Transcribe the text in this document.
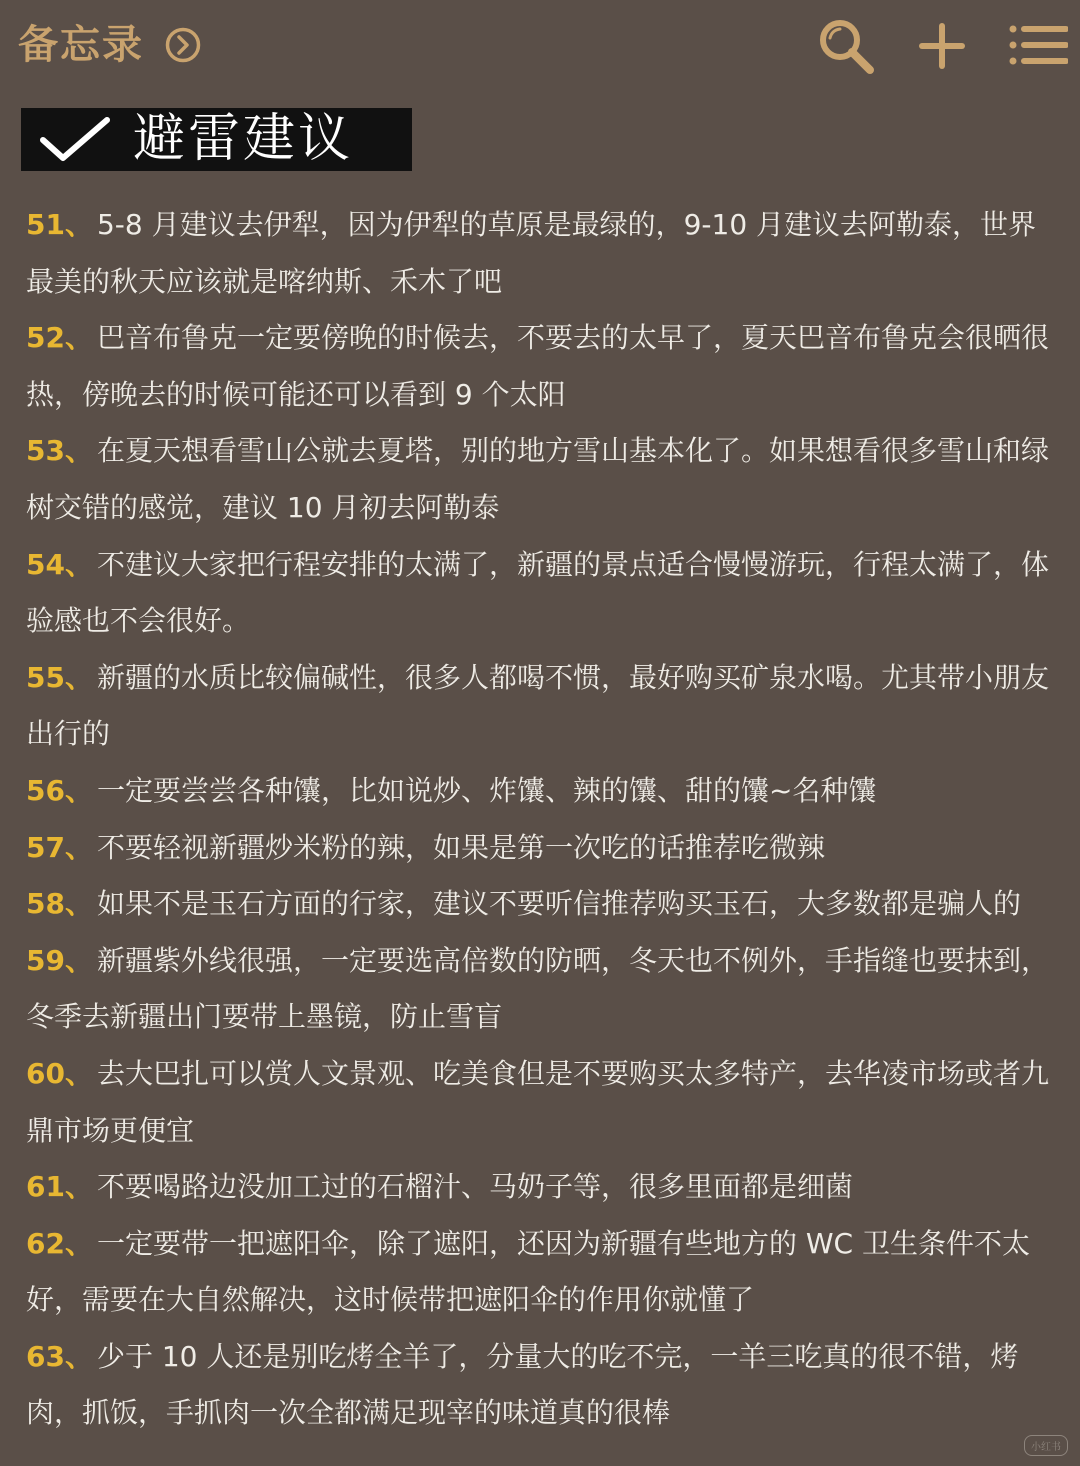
备忘录
避雷建议
51、 5-8 月建议去伊犁，因为伊犁的草原是最绿的，9-10 月建议去阿勒泰，世界最美的秋天应该就是喀纳斯、禾木了吧
52、 巴音布鲁克一定要傍晚的时候去，不要去的太早了，夏天巴音布鲁克会很晒很热，傍晚去的时候可能还可以看到 9 个太阳
53、 在夏天想看雪山公就去夏塔，别的地方雪山基本化了。如果想看很多雪山和绿树交错的感觉，建议 10 月初去阿勒泰
54、 不建议大家把行程安排的太满了，新疆的景点适合慢慢游玩，行程太满了，体验感也不会很好。
55、 新疆的水质比较偏碱性，很多人都喝不惯，最好购买矿泉水喝。尤其带小朋友出行的
56、 一定要尝尝各种馕，比如说炒、炸馕、辣的馕、甜的馕~名种馕
57、 不要轻视新疆炒米粉的辣，如果是第一次吃的话推荐吃微辣
58、 如果不是玉石方面的行家，建议不要听信推荐购买玉石，大多数都是骗人的
59、 新疆紫外线很强，一定要选高倍数的防晒，冬天也不例外，手指缝也要抹到，冬季去新疆出门要带上墨镜，防止雪盲
60、 去大巴扎可以赏人文景观、吃美食但是不要购买太多特产，去华凌市场或者九鼎市场更便宜
61、 不要喝路边没加工过的石榴汁、马奶子等，很多里面都是细菌
62、 一定要带一把遮阳伞，除了遮阳，还因为新疆有些地方的 WC 卫生条件不太好，需要在大自然解决，这时候带把遮阳伞的作用你就懂了
63、 少于 10 人还是别吃烤全羊了，分量大的吃不完，一羊三吃真的很不错，烤肉，抓饭，手抓肉一次全都满足现宰的味道真的很棒
小红书
